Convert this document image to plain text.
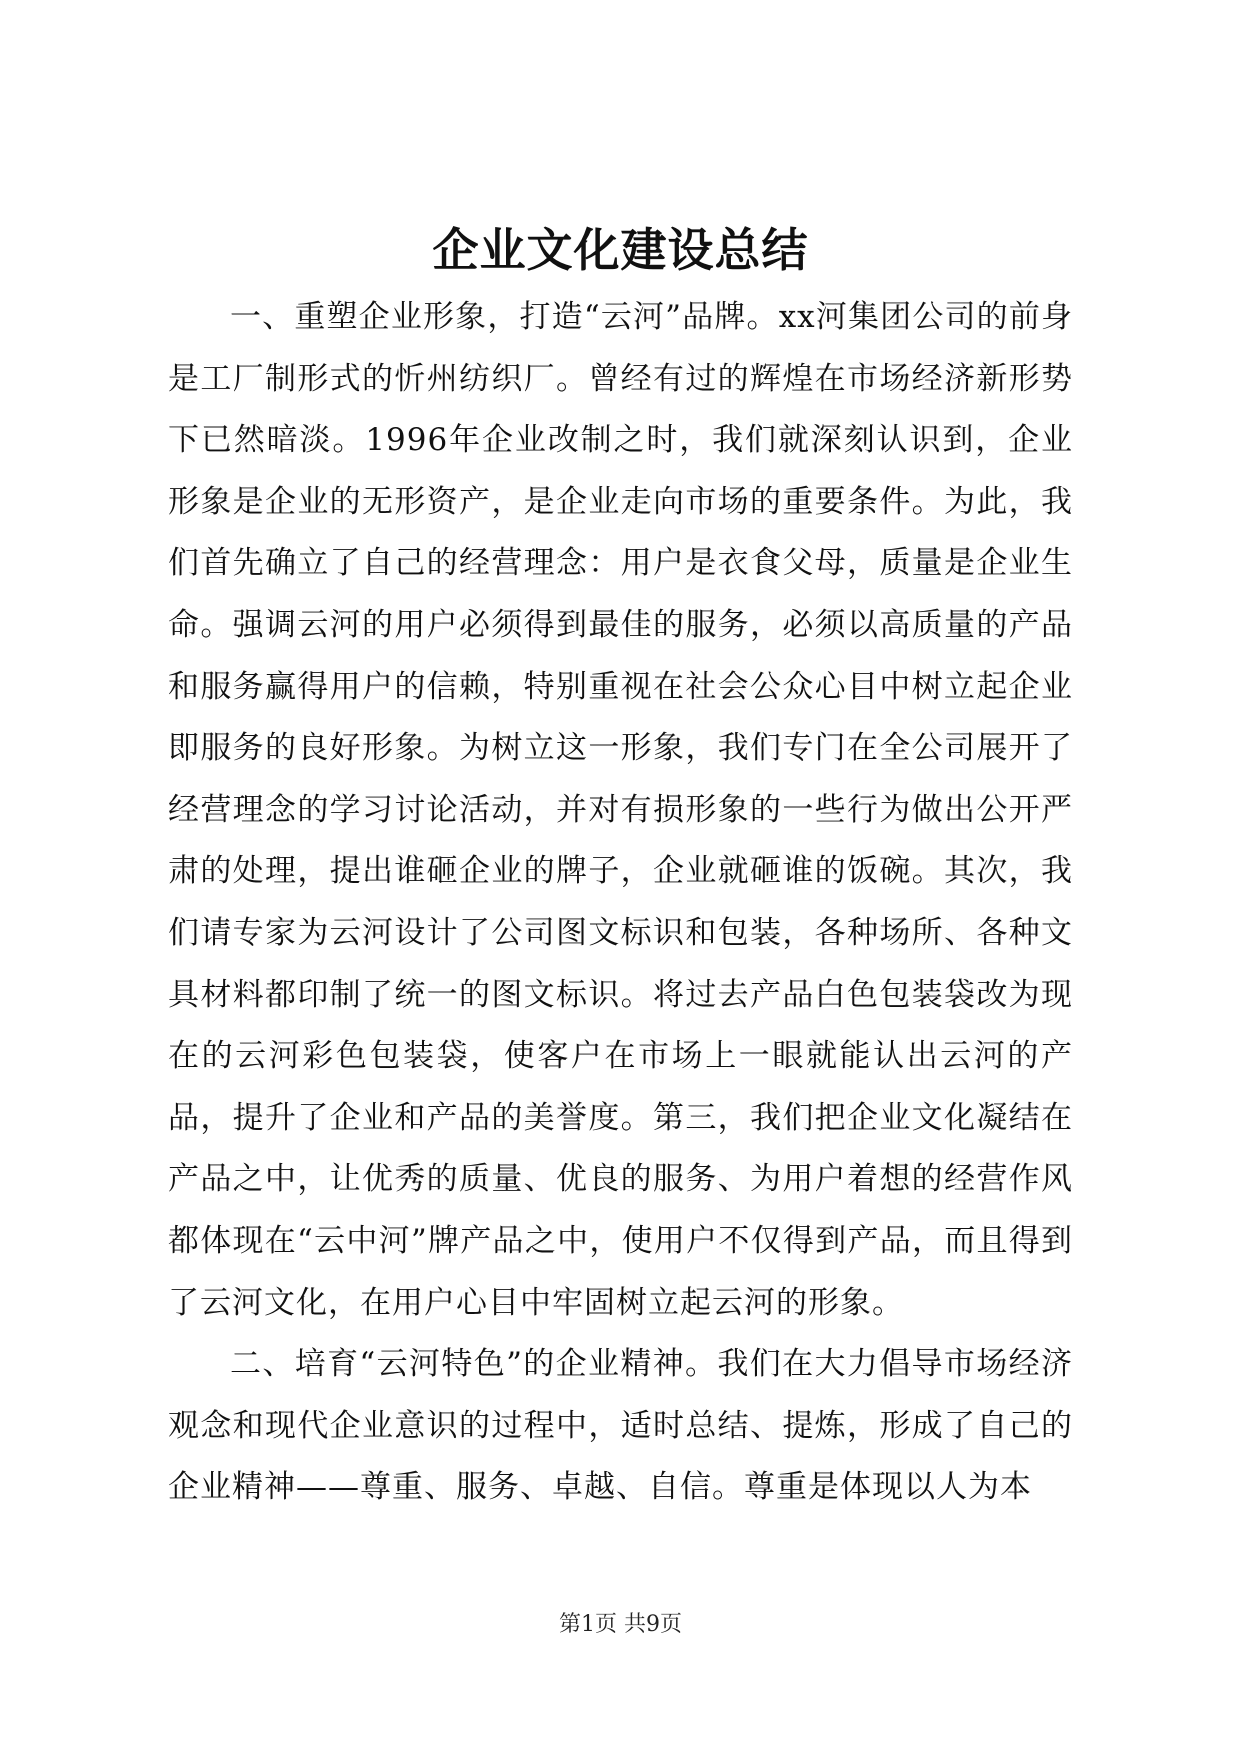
企业文化建设总结

一、重塑企业形象，打造“云河”品牌。xx河集团公司的前身是工厂制形式的忻州纺织厂。曾经有过的辉煌在市场经济新形势下已然暗淡。1996年企业改制之时，我们就深刻认识到，企业形象是企业的无形资产，是企业走向市场的重要条件。为此，我们首先确立了自己的经营理念：用户是衣食父母，质量是企业生命。强调云河的用户必须得到最佳的服务，必须以高质量的产品和服务赢得用户的信赖，特别重视在社会公众心目中树立起企业即服务的良好形象。为树立这一形象，我们专门在全公司展开了经营理念的学习讨论活动，并对有损形象的一些行为做出公开严肃的处理，提出谁砸企业的牌子，企业就砸谁的饭碗。其次，我们请专家为云河设计了公司图文标识和包装，各种场所、各种文具材料都印制了统一的图文标识。将过去产品白色包装袋改为现在的云河彩色包装袋，使客户在市场上一眼就能认出云河的产品，提升了企业和产品的美誉度。第三，我们把企业文化凝结在产品之中，让优秀的质量、优良的服务、为用户着想的经营作风都体现在“云中河”牌产品之中，使用户不仅得到产品，而且得到了云河文化，在用户心目中牢固树立起云河的形象。

二、培育“云河特色”的企业精神。我们在大力倡导市场经济观念和现代企业意识的过程中，适时总结、提炼，形成了自己的企业精神——尊重、服务、卓越、自信。尊重是体现以人为本

第1页 共9页
